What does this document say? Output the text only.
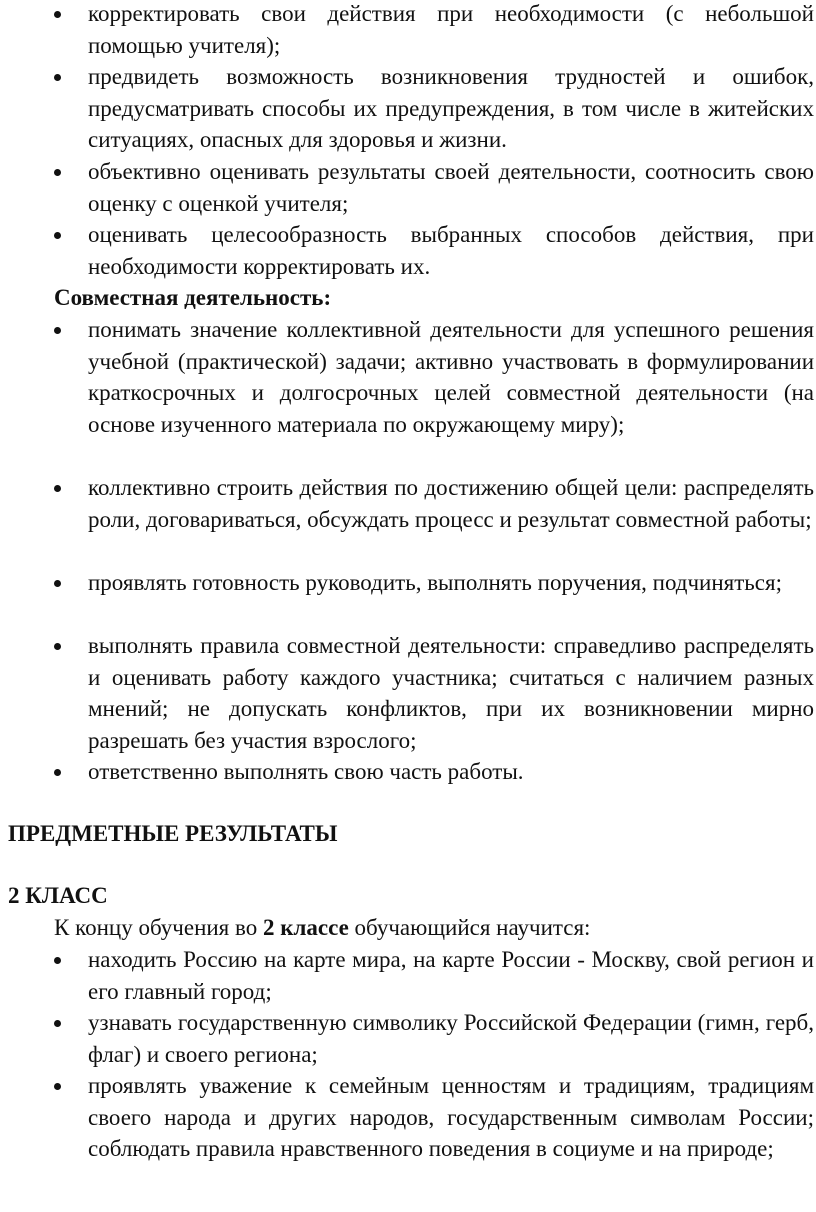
корректировать свои действия при необходимости (с небольшой помощью учителя);
предвидеть возможность возникновения трудностей и ошибок, предусматривать способы их предупреждения, в том числе в житейских ситуациях, опасных для здоровья и жизни.
объективно оценивать результаты своей деятельности, соотносить свою оценку с оценкой учителя;
оценивать целесообразность выбранных способов действия, при необходимости корректировать их.

Совместная деятельность:

понимать значение коллективной деятельности для успешного решения учебной (практической) задачи; активно участвовать в формулировании краткосрочных и долгосрочных целей совместной деятельности (на основе изученного материала по окружающему миру);
коллективно строить действия по достижению общей цели: распределять роли, договариваться, обсуждать процесс и результат совместной работы;
проявлять готовность руководить, выполнять поручения, подчиняться;
выполнять правила совместной деятельности: справедливо распределять и оценивать работу каждого участника; считаться с наличием разных мнений; не допускать конфликтов, при их возникновении мирно разрешать без участия взрослого;
ответственно выполнять свою часть работы.

ПРЕДМЕТНЫЕ РЕЗУЛЬТАТЫ

2 КЛАСС

К концу обучения во 2 классе обучающийся научится:

находить Россию на карте мира, на карте России - Москву, свой регион и его главный город;
узнавать государственную символику Российской Федерации (гимн, герб, флаг) и своего региона;
проявлять уважение к семейным ценностям и традициям, традициям своего народа и других народов, государственным символам России; соблюдать правила нравственного поведения в социуме и на природе;
